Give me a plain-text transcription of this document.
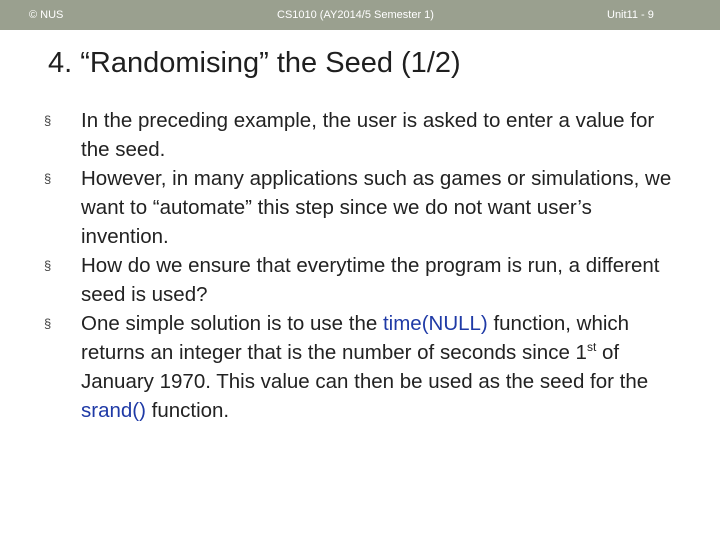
© NUS	CS1010 (AY2014/5 Semester 1)	Unit11 - 9
4. “Randomising” the Seed (1/2)
§ In the preceding example, the user is asked to enter a value for the seed.
§ However, in many applications such as games or simulations, we want to “automate” this step since we do not want user’s invention.
§ How do we ensure that everytime the program is run, a different seed is used?
§ One simple solution is to use the time(NULL) function, which returns an integer that is the number of seconds since 1st of January 1970. This value can then be used as the seed for the srand() function.
